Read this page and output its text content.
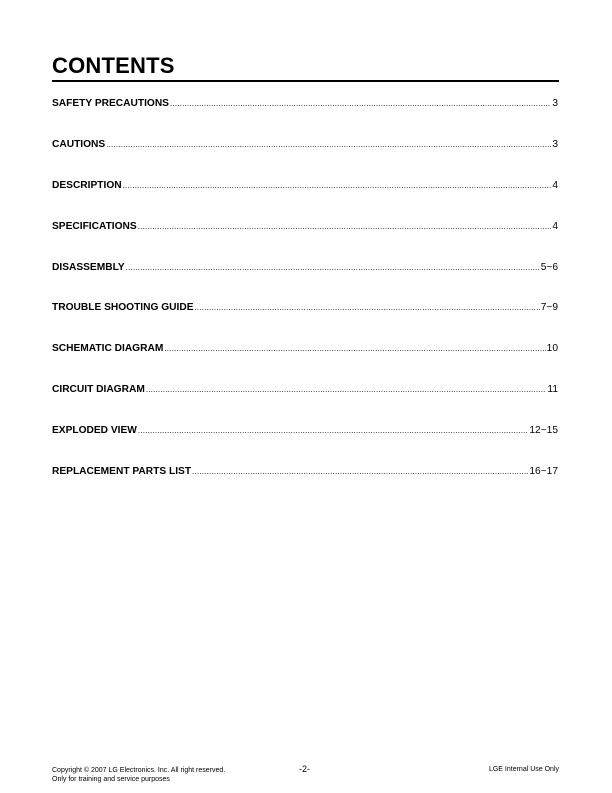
CONTENTS
SAFETY PRECAUTIONS .....	3
CAUTIONS .....	3
DESCRIPTION .....	4
SPECIFICATIONS .....	4
DISASSEMBLY .....	5~6
TROUBLE SHOOTING GUIDE .....	7~9
SCHEMATIC DIAGRAM .....	10
CIRCUIT DIAGRAM .....	11
EXPLODED VIEW .....	12~15
REPLACEMENT PARTS LIST .....	16~17
Copyright © 2007 LG Electronics. Inc. All right reserved.
Only for training and service purposes
-2-	LGE Internal Use Only
